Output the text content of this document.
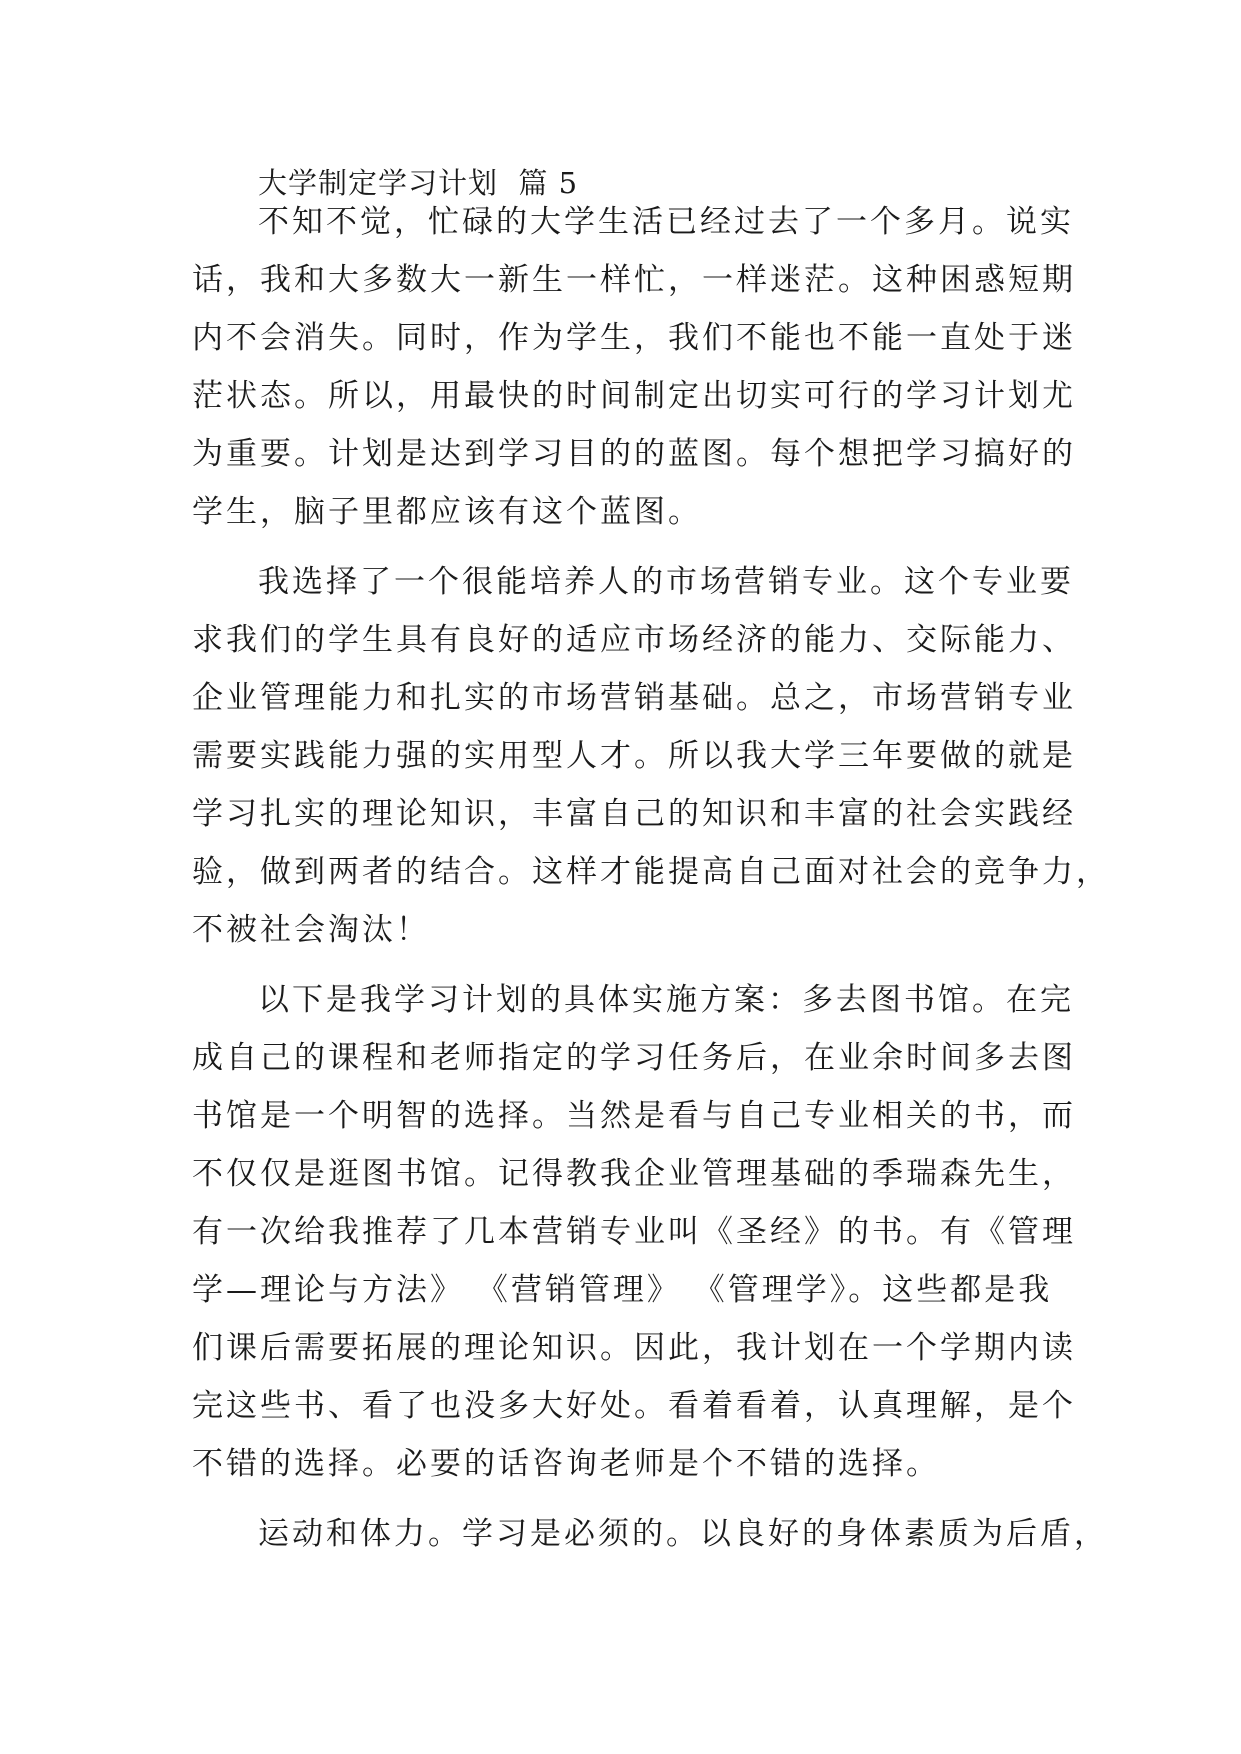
大学制定学习计划  篇 5
不知不觉，忙碌的大学生活已经过去了一个多月。说实
话，我和大多数大一新生一样忙，一样迷茫。这种困惑短期
内不会消失。同时，作为学生，我们不能也不能一直处于迷
茫状态。所以，用最快的时间制定出切实可行的学习计划尤
为重要。计划是达到学习目的的蓝图。每个想把学习搞好的
学生，脑子里都应该有这个蓝图。
我选择了一个很能培养人的市场营销专业。这个专业要
求我们的学生具有良好的适应市场经济的能力、交际能力、
企业管理能力和扎实的市场营销基础。总之，市场营销专业
需要实践能力强的实用型人才。所以我大学三年要做的就是
学习扎实的理论知识，丰富自己的知识和丰富的社会实践经
验，做到两者的结合。这样才能提高自己面对社会的竞争力，
不被社会淘汰！
以下是我学习计划的具体实施方案：多去图书馆。在完
成自己的课程和老师指定的学习任务后，在业余时间多去图
书馆是一个明智的选择。当然是看与自己专业相关的书，而
不仅仅是逛图书馆。记得教我企业管理基础的季瑞森先生，
有一次给我推荐了几本营销专业叫《圣经》的书。有《管理
学—理论与方法》 《营销管理》 《管理学》。这些都是我
们课后需要拓展的理论知识。因此，我计划在一个学期内读
完这些书、看了也没多大好处。看着看着，认真理解，是个
不错的选择。必要的话咨询老师是个不错的选择。
运动和体力。学习是必须的。以良好的身体素质为后盾，
